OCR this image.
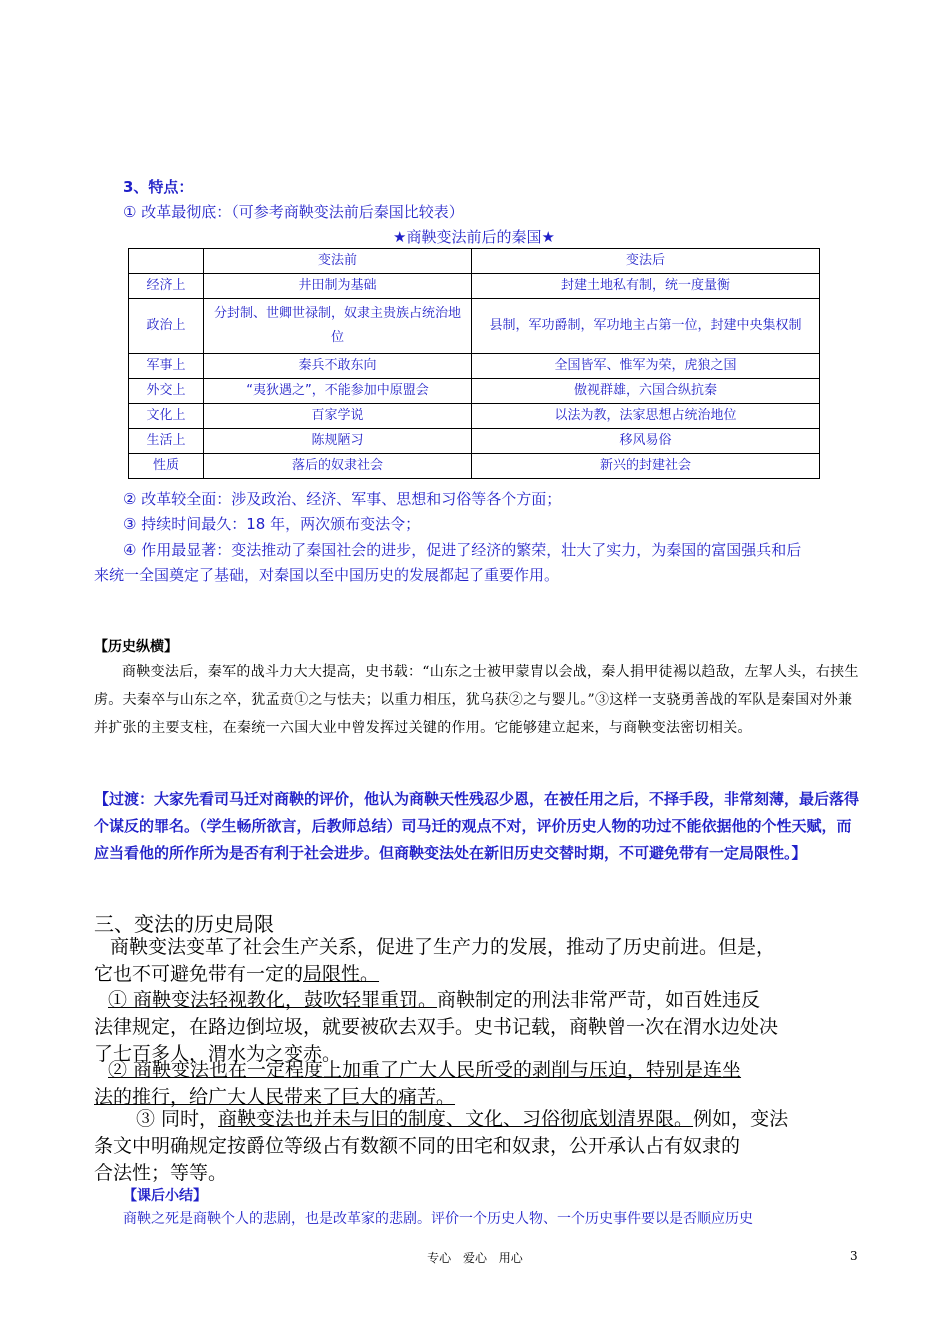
3、特点：
① 改革最彻底：（可参考商鞅变法前后秦国比较表）
★商鞅变法前后的秦国★
	变法前	变法后
经济上	井田制为基础	封建土地私有制，统一度量衡
政治上	分封制、世卿世禄制，奴隶主贵族占统治地位	县制，军功爵制，军功地主占第一位，封建中央集权制
军事上	秦兵不敢东向	全国皆军、惟军为荣，虎狼之国
外交上	“夷狄遇之”，不能参加中原盟会	傲视群雄，六国合纵抗秦
文化上	百家学说	以法为教，法家思想占统治地位
生活上	陈规陋习	移风易俗
性质	落后的奴隶社会	新兴的封建社会
② 改革较全面：涉及政治、经济、军事、思想和习俗等各个方面；
③ 持续时间最久：18 年，两次颁布变法令；
④ 作用最显著：变法推动了秦国社会的进步，促进了经济的繁荣，壮大了实力，为秦国的富国强兵和后
来统一全国奠定了基础，对秦国以至中国历史的发展都起了重要作用。
【历史纵横】
商鞅变法后，秦军的战斗力大大提高，史书载：“山东之士被甲蒙胄以会战，秦人捐甲徒裼以趋敌，左挈人头，右挟生虏。夫秦卒与山东之卒，犹孟贲①之与怯夫；以重力相压，犹乌获②之与婴儿。”③这样一支骁勇善战的军队是秦国对外兼并扩张的主要支柱，在秦统一六国大业中曾发挥过关键的作用。它能够建立起来，与商鞅变法密切相关。
【过渡：大家先看司马迁对商鞅的评价，他认为商鞅天性残忍少恩，在被任用之后，不择手段，非常刻薄，最后落得个谋反的罪名。（学生畅所欲言，后教师总结）司马迁的观点不对，评价历史人物的功过不能依据他的个性天赋，而应当看他的所作所为是否有利于社会进步。但商鞅变法处在新旧历史交替时期，不可避免带有一定局限性。】
三、变法的历史局限
商鞅变法变革了社会生产关系，促进了生产力的发展，推动了历史前进。但是，
它也不可避免带有一定的局限性。
① 商鞅变法轻视教化，鼓吹轻罪重罚。商鞅制定的刑法非常严苛，如百姓违反
法律规定，在路边倒垃圾，就要被砍去双手。史书记载，商鞅曾一次在渭水边处决
了七百多人，渭水为之变赤。
② 商鞅变法也在一定程度上加重了广大人民所受的剥削与压迫，特别是连坐
法的推行，给广大人民带来了巨大的痛苦。
③ 同时，商鞅变法也并未与旧的制度、文化、习俗彻底划清界限。例如，变法
条文中明确规定按爵位等级占有数额不同的田宅和奴隶，公开承认占有奴隶的
合法性；等等。
【课后小结】
商鞅之死是商鞅个人的悲剧，也是改革家的悲剧。评价一个历史人物、一个历史事件要以是否顺应历史
专心 爱心 用心	3
